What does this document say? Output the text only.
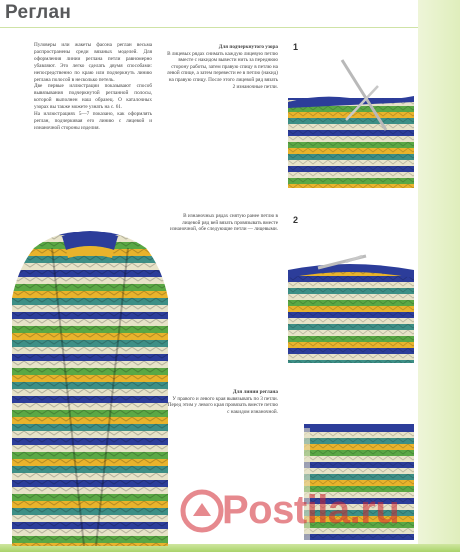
Реглан

Пуловеры или жакеты фасона реглан весьма распространены среди вязаных моделей. Для оформления линии реглана петли равномерно убавляют. Это легко сделать двумя способами: непосредственно по краю или подчеркнуть линию реглана полосой в несколько петель.

Две первые иллюстрации показывают способ вывязывания подчеркнутой регланной полосы, которой выполнен наш образец. О каталочных узорах вы также можете узнать на с. 61.

На иллюстрациях 5—7 показано, как оформлять реглан, подчеркивая его линию с лицевой и изнаночной стороны изделия.

Для подчеркнутого узора
В лицевых рядах снимать каждую лицевую петлю вместе с накидом вывести нить за переднюю сторону работы, затем правую спицу в петлю на левой спице, а затем перевести ее в петлю (накид) на правую спицу. После этого лицевой ряд вязать 2 изнаночные петли.
В изнаночных рядах снятую ранее петлю в лицевой ряд вей вязать провязывать вместе изнаночной, обе следующие петли — лицевыми.
Для линии реглана
У правого и левого края вывязывать по 3 петли. Перед этим у левого края провязать вместе петлю с накидом изнаночной.
1
2
Postila.ru
